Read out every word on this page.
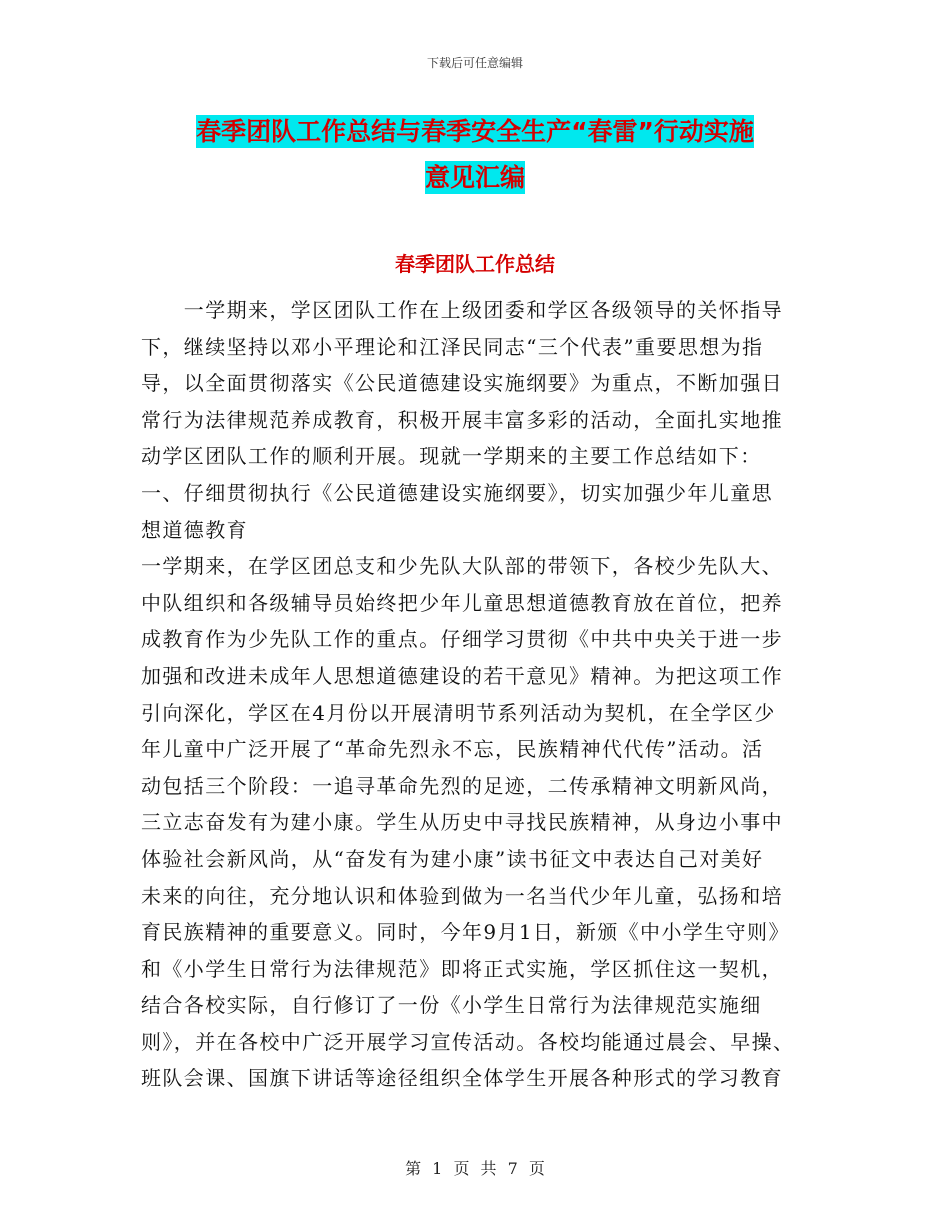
下载后可任意编辑
春季团队工作总结与春季安全生产“春雷”行动实施
意见汇编
春季团队工作总结

　　一学期来，学区团队工作在上级团委和学区各级领导的关怀指导

下，继续坚持以邓小平理论和江泽民同志“三个代表”重要思想为指

导，以全面贯彻落实《公民道德建设实施纲要》为重点，不断加强日

常行为法律规范养成教育，积极开展丰富多彩的活动，全面扎实地推

动学区团队工作的顺利开展。现就一学期来的主要工作总结如下：

一、仔细贯彻执行《公民道德建设实施纲要》，切实加强少年儿童思

想道德教育

一学期来，在学区团总支和少先队大队部的带领下，各校少先队大、

中队组织和各级辅导员始终把少年儿童思想道德教育放在首位，把养

成教育作为少先队工作的重点。仔细学习贯彻《中共中央关于进一步

加强和改进未成年人思想道德建设的若干意见》精神。为把这项工作

引向深化，学区在4月份以开展清明节系列活动为契机，在全学区少

年儿童中广泛开展了“革命先烈永不忘，民族精神代代传”活动。活

动包括三个阶段：一追寻革命先烈的足迹，二传承精神文明新风尚，

三立志奋发有为建小康。学生从历史中寻找民族精神，从身边小事中

体验社会新风尚，从“奋发有为建小康”读书征文中表达自己对美好

未来的向往，充分地认识和体验到做为一名当代少年儿童，弘扬和培

育民族精神的重要意义。同时，今年9月1日，新颁《中小学生守则》

和《小学生日常行为法律规范》即将正式实施，学区抓住这一契机，

结合各校实际，自行修订了一份《小学生日常行为法律规范实施细

则》，并在各校中广泛开展学习宣传活动。各校均能通过晨会、早操、

班队会课、国旗下讲话等途径组织全体学生开展各种形式的学习教育

第 1 页 共 7 页
